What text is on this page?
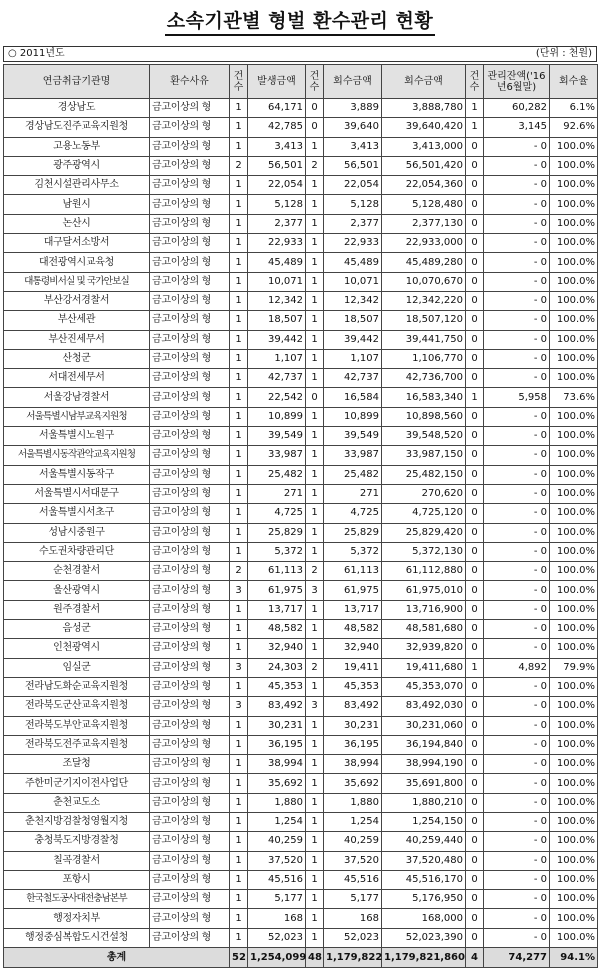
소속기관별 형벌 환수관리 현황
○ 2011년도	(단위 : 천원)
연금취급기관명	환수사유	건수	발생금액	건수	회수금액	회수금액	건수	관리잔액('16년6월말)	회수율
경상남도	금고이상의 형	1	64,171	0	3,889	3,888,780	1	60,282	6.1%
경상남도진주교육지원청	금고이상의 형	1	42,785	0	39,640	39,640,420	1	3,145	92.6%
고용노동부	금고이상의 형	1	3,413	1	3,413	3,413,000	0	- 0	100.0%
광주광역시	금고이상의 형	2	56,501	2	56,501	56,501,420	0	- 0	100.0%
김천시설관리사무소	금고이상의 형	1	22,054	1	22,054	22,054,360	0	- 0	100.0%
남원시	금고이상의 형	1	5,128	1	5,128	5,128,480	0	- 0	100.0%
논산시	금고이상의 형	1	2,377	1	2,377	2,377,130	0	- 0	100.0%
대구달서소방서	금고이상의 형	1	22,933	1	22,933	22,933,000	0	- 0	100.0%
대전광역시교육청	금고이상의 형	1	45,489	1	45,489	45,489,280	0	- 0	100.0%
대통령비서실 및 국가안보실	금고이상의 형	1	10,071	1	10,071	10,070,670	0	- 0	100.0%
부산강서경찰서	금고이상의 형	1	12,342	1	12,342	12,342,220	0	- 0	100.0%
부산세관	금고이상의 형	1	18,507	1	18,507	18,507,120	0	- 0	100.0%
부산진세무서	금고이상의 형	1	39,442	1	39,442	39,441,750	0	- 0	100.0%
산청군	금고이상의 형	1	1,107	1	1,107	1,106,770	0	- 0	100.0%
서대전세무서	금고이상의 형	1	42,737	1	42,737	42,736,700	0	- 0	100.0%
서울강남경찰서	금고이상의 형	1	22,542	0	16,584	16,583,340	1	5,958	73.6%
서울특별시남부교육지원청	금고이상의 형	1	10,899	1	10,899	10,898,560	0	- 0	100.0%
서울특별시노원구	금고이상의 형	1	39,549	1	39,549	39,548,520	0	- 0	100.0%
서울특별시동작관악교육지원청	금고이상의 형	1	33,987	1	33,987	33,987,150	0	- 0	100.0%
서울특별시동작구	금고이상의 형	1	25,482	1	25,482	25,482,150	0	- 0	100.0%
서울특별시서대문구	금고이상의 형	1	271	1	271	270,620	0	- 0	100.0%
서울특별시서초구	금고이상의 형	1	4,725	1	4,725	4,725,120	0	- 0	100.0%
성남시중원구	금고이상의 형	1	25,829	1	25,829	25,829,420	0	- 0	100.0%
수도권차량관리단	금고이상의 형	1	5,372	1	5,372	5,372,130	0	- 0	100.0%
순천경찰서	금고이상의 형	2	61,113	2	61,113	61,112,880	0	- 0	100.0%
울산광역시	금고이상의 형	3	61,975	3	61,975	61,975,010	0	- 0	100.0%
원주경찰서	금고이상의 형	1	13,717	1	13,717	13,716,900	0	- 0	100.0%
음성군	금고이상의 형	1	48,582	1	48,582	48,581,680	0	- 0	100.0%
인천광역시	금고이상의 형	1	32,940	1	32,940	32,939,820	0	- 0	100.0%
임실군	금고이상의 형	3	24,303	2	19,411	19,411,680	1	4,892	79.9%
전라남도화순교육지원청	금고이상의 형	1	45,353	1	45,353	45,353,070	0	- 0	100.0%
전라북도군산교육지원청	금고이상의 형	3	83,492	3	83,492	83,492,030	0	- 0	100.0%
전라북도부안교육지원청	금고이상의 형	1	30,231	1	30,231	30,231,060	0	- 0	100.0%
전라북도전주교육지원청	금고이상의 형	1	36,195	1	36,195	36,194,840	0	- 0	100.0%
조달청	금고이상의 형	1	38,994	1	38,994	38,994,190	0	- 0	100.0%
주한미군기지이전사업단	금고이상의 형	1	35,692	1	35,692	35,691,800	0	- 0	100.0%
춘천교도소	금고이상의 형	1	1,880	1	1,880	1,880,210	0	- 0	100.0%
춘천지방검찰청영월지청	금고이상의 형	1	1,254	1	1,254	1,254,150	0	- 0	100.0%
충청북도지방경찰청	금고이상의 형	1	40,259	1	40,259	40,259,440	0	- 0	100.0%
칠곡경찰서	금고이상의 형	1	37,520	1	37,520	37,520,480	0	- 0	100.0%
포항시	금고이상의 형	1	45,516	1	45,516	45,516,170	0	- 0	100.0%
한국철도공사대전충남본부	금고이상의 형	1	5,177	1	5,177	5,176,950	0	- 0	100.0%
행정자치부	금고이상의 형	1	168	1	168	168,000	0	- 0	100.0%
행정중심복합도시건설청	금고이상의 형	1	52,023	1	52,023	52,023,390	0	- 0	100.0%
총계		52	1,254,099	48	1,179,822	1,179,821,860	4	74,277	94.1%
